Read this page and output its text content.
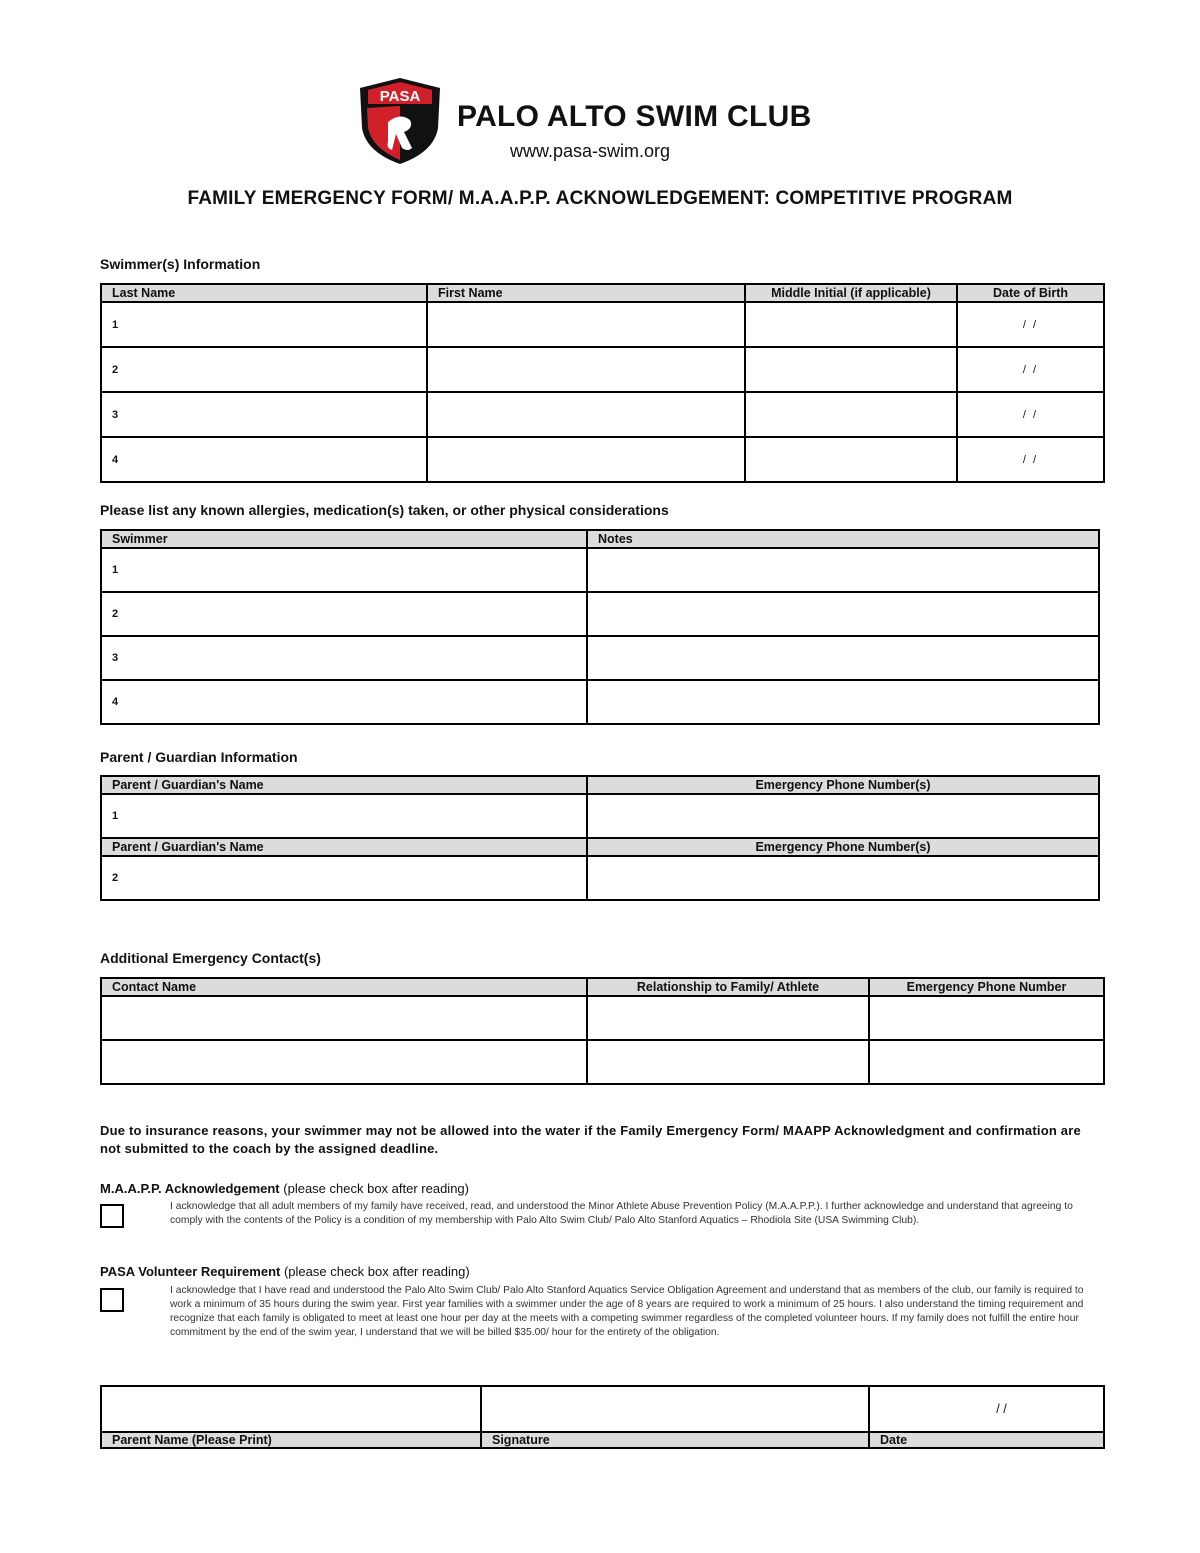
PASA
PALO ALTO SWIM CLUB
www.pasa-swim.org
FAMILY EMERGENCY FORM/ M.A.A.P.P. ACKNOWLEDGEMENT: COMPETITIVE PROGRAM
Swimmer(s) Information
Last Name	First Name	Middle Initial (if applicable)	Date of Birth
1			/ /
2			/ /
3			/ /
4			/ /
Please list any known allergies, medication(s) taken, or other physical considerations
Swimmer	Notes
1	
2	
3	
4	
Parent / Guardian Information
Parent / Guardian's Name	Emergency Phone Number(s)
1	
Parent / Guardian's Name	Emergency Phone Number(s)
2	
Additional Emergency Contact(s)
Contact Name	Relationship to Family/ Athlete	Emergency Phone Number

Due to insurance reasons, your swimmer may not be allowed into the water if the Family Emergency Form/ MAAPP Acknowledgment and confirmation are not submitted to the coach by the assigned deadline.
M.A.A.P.P. Acknowledgement (please check box after reading)
I acknowledge that all adult members of my family have received, read, and understood the Minor Athlete Abuse Prevention Policy (M.A.A.P.P.). I further acknowledge and understand that agreeing to comply with the contents of the Policy is a condition of my membership with Palo Alto Swim Club/ Palo Alto Stanford Aquatics – Rhodiola Site (USA Swimming Club).
PASA Volunteer Requirement (please check box after reading)
I acknowledge that I have read and understood the Palo Alto Swim Club/ Palo Alto Stanford Aquatics Service Obligation Agreement and understand that as members of the club, our family is required to work a minimum of 35 hours during the swim year. First year families with a swimmer under the age of 8 years are required to work a minimum of 25 hours. I also understand the timing requirement and recognize that each family is obligated to meet at least one hour per day at the meets with a competing swimmer regardless of the completed volunteer hours. If my family does not fulfill the entire hour commitment by the end of the swim year, I understand that we will be billed $35.00/ hour for the entirety of the obligation.
		/ /
Parent Name (Please Print)	Signature	Date
